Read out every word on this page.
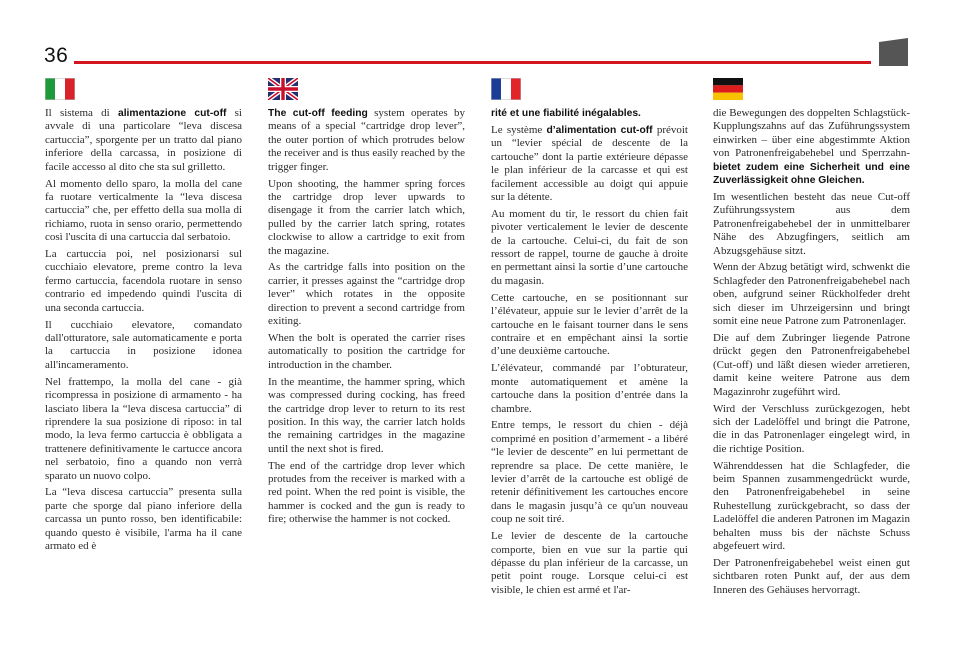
36

Il sistema di alimentazione cut-off si avvale di una particolare “leva discesa cartuccia”, sporgente per un tratto dal piano inferiore della carcassa, in posizione di facile accesso al dito che sta sul grilletto.

Al momento dello sparo, la molla del cane fa ruotare verticalmente la “leva discesa cartuccia” che, per effetto della sua molla di richiamo, ruota in senso orario, permettendo così l'uscita di una cartuccia dal serbatoio.

La cartuccia poi, nel posizionarsi sul cucchiaio elevatore, preme contro la leva fermo cartuccia, facendola ruotare in senso contrario ed impedendo quindi l'uscita di una seconda cartuccia.

Il cucchiaio elevatore, comandato dall'otturatore, sale automaticamente e porta la cartuccia in posizione idonea all'incameramento.

Nel frattempo, la molla del cane - già ricompressa in posizione di armamento - ha lasciato libera la “leva discesa cartuccia” di riprendere la sua posizione di riposo: in tal modo, la leva fermo cartuccia è obbligata a trattenere definitivamente le cartucce ancora nel serbatoio, fino a quando non verrà sparato un nuovo colpo.

La “leva discesa cartuccia” presenta sulla parte che sporge dal piano inferiore della carcassa un punto rosso, ben identificabile: quando questo è visibile, l'arma ha il cane armato ed è

The cut-off feeding system operates by means of a special “cartridge drop lever”, the outer portion of which protrudes below the receiver and is thus easily reached by the trigger finger.

Upon shooting, the hammer spring forces the cartridge drop lever upwards to disengage it from the carrier latch which, pulled by the carrier latch spring, rotates clockwise to allow a cartridge to exit from the magazine.

As the cartridge falls into position on the carrier, it presses against the “cartridge drop lever” which rotates in the opposite direction to prevent a second cartridge from exiting.

When the bolt is operated the carrier rises automatically to position the cartridge for introduction in the chamber.

In the meantime, the hammer spring, which was compressed during cocking, has freed the cartridge drop lever to return to its rest position. In this way, the carrier latch holds the remaining cartridges in the magazine until the next shot is fired.

The end of the cartridge drop lever which protudes from the receiver is marked with a red point. When the red point is visible, the hammer is cocked and the gun is ready to fire; otherwise the hammer is not cocked.

rité et une fiabilité inégalables.

Le système d’alimentation cut-off prévoit un “levier spécial de descente de la cartouche” dont la partie extérieure dépasse le plan inférieur de la carcasse et qui est facilement accessible au doigt qui appuie sur la détente.

Au moment du tir, le ressort du chien fait pivoter verticalement le levier de descente de la cartouche. Celui-ci, du fait de son ressort de rappel, tourne de gauche à droite en permettant ainsi la sortie d’une cartouche du magasin.

Cette cartouche, en se positionnant sur l’élévateur, appuie sur le levier d’arrêt de la cartouche en le faisant tourner dans le sens contraire et en empêchant ainsi la sortie d’une deuxième cartouche.

L’élévateur, commandé par l’obturateur, monte automatiquement et amène la cartouche dans la position d’entrée dans la chambre.

Entre temps, le ressort du chien - déjà comprimé en position d’armement - a libéré “le levier de descente” en lui permettant de reprendre sa place. De cette manière, le levier d’arrêt de la cartouche est obligé de retenir définitivement les cartouches encore dans le magasin jusqu’à ce qu'un nouveau coup ne soit tiré.

Le levier de descente de la cartouche comporte, bien en vue sur la partie qui dépasse du plan inférieur de la carcasse, un petit point rouge. Lorsque celui-ci est visible, le chien est armé et l'ar-

die Bewegungen des doppelten Schlagstück-Kupplungszahns auf das Zuführungssystem einwirken – über eine abgestimmte Aktion von Patronenfreigabehebel und Sperrzahn- bietet zudem eine Sicherheit und eine Zuverlässigkeit ohne Gleichen.

Im wesentlichen besteht das neue Cut-off Zuführungssystem aus dem Patronenfreigabehebel der in unmittelbarer Nähe des Abzugfingers, seitlich am Abzugsgehäuse sitzt.

Wenn der Abzug betätigt wird, schwenkt die Schlagfeder den Patronenfreigabehebel nach oben, aufgrund seiner Rückholfeder dreht sich dieser im Uhrzeigersinn und bringt somit eine neue Patrone zum Patronenlager.

Die auf dem Zubringer liegende Patrone drückt gegen den Patronenfreigabehebel (Cut-off) und läßt diesen wieder arretieren, damit keine weitere Patrone aus dem Magazinrohr zugeführt wird.

Wird der Verschluss zurückgezogen, hebt sich der Ladelöffel und bringt die Patrone, die in das Patronenlager eingelegt wird, in die richtige Position.

Währenddessen hat die Schlagfeder, die beim Spannen zusammengedrückt wurde, den Patronenfreigabehebel in seine Ruhestellung zurückgebracht, so dass der Ladelöffel die anderen Patronen im Magazin behalten muss bis der nächste Schuss abgefeuert wird.

Der Patronenfreigabehebel weist einen gut sichtbaren roten Punkt auf, der aus dem Inneren des Gehäuses hervorragt.
